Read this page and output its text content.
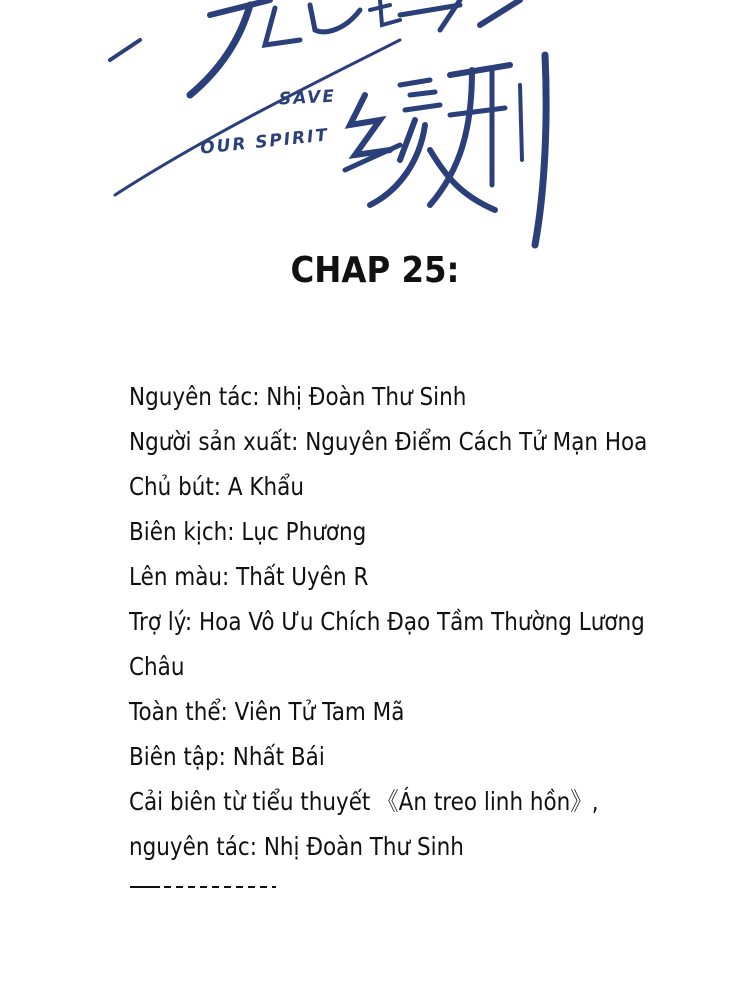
SAVE
OUR SPIRIT
CHAP 25:
Nguyên tác: Nhị Đoàn Thư Sinh
Người sản xuất: Nguyên Điểm Cách Tử Mạn Hoa
Chủ bút: A Khẩu
Biên kịch: Lục Phương
Lên màu: Thất Uyên R
Trợ lý: Hoa Vô Ưu Chích Đạo Tầm Thường Lương
Châu
Toàn thể: Viên Tử Tam Mã
Biên tập: Nhất Bái
Cải biên từ tiểu thuyết 《Án treo linh hồn》,
nguyên tác: Nhị Đoàn Thư Sinh
